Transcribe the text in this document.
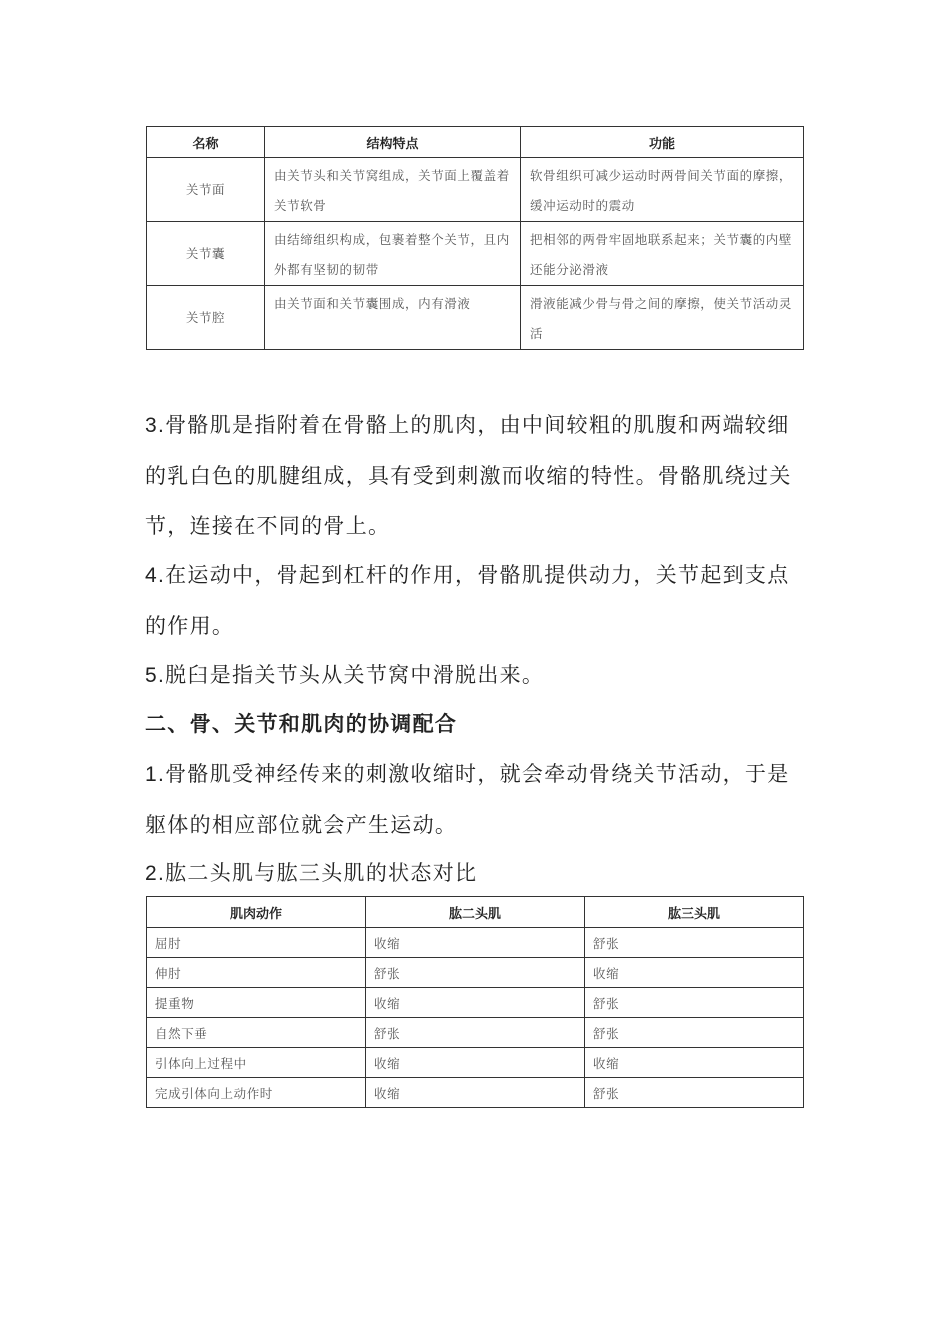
名称	结构特点	功能
关节面	由关节头和关节窝组成，关节面上覆盖着关节软骨	软骨组织可减少运动时两骨间关节面的摩擦，缓冲运动时的震动
关节囊	由结缔组织构成，包裹着整个关节，且内外都有坚韧的韧带	把相邻的两骨牢固地联系起来；关节囊的内壁还能分泌滑液
关节腔	由关节面和关节囊围成，内有滑液	滑液能减少骨与骨之间的摩擦，使关节活动灵活

3.骨骼肌是指附着在骨骼上的肌肉，由中间较粗的肌腹和两端较细的乳白色的肌腱组成，具有受到刺激而收缩的特性。骨骼肌绕过关节，连接在不同的骨上。

4.在运动中，骨起到杠杆的作用，骨骼肌提供动力，关节起到支点的作用。

5.脱臼是指关节头从关节窝中滑脱出来。

二、骨、关节和肌肉的协调配合

1.骨骼肌受神经传来的刺激收缩时，就会牵动骨绕关节活动，于是躯体的相应部位就会产生运动。

2.肱二头肌与肱三头肌的状态对比

肌肉动作	肱二头肌	肱三头肌
屈肘	收缩	舒张
伸肘	舒张	收缩
提重物	收缩	舒张
自然下垂	舒张	舒张
引体向上过程中	收缩	收缩
完成引体向上动作时	收缩	舒张
